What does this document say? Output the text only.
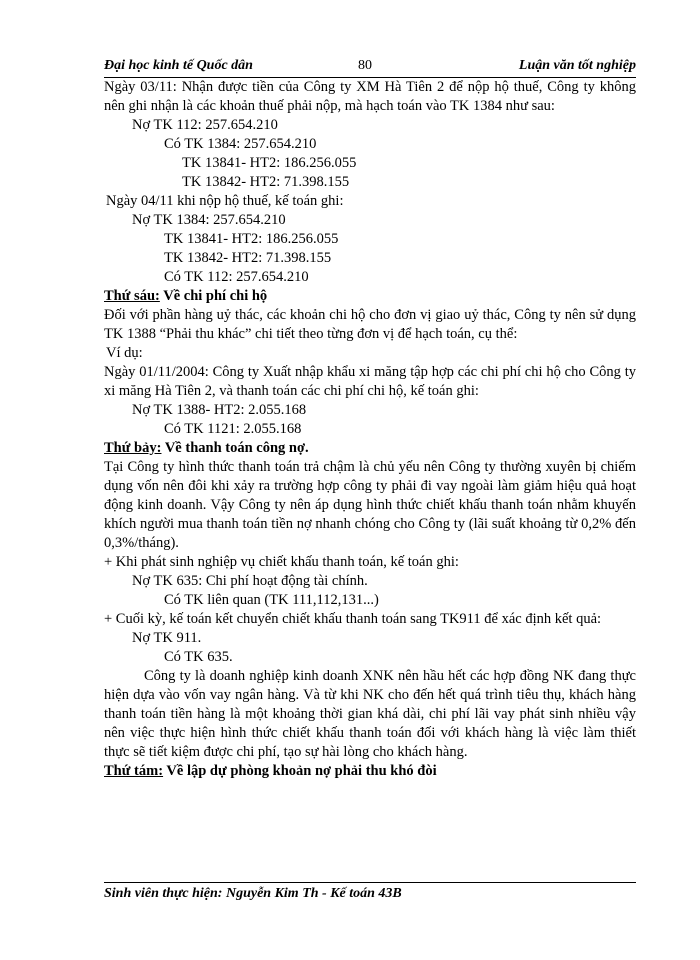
Đại học kinh tế Quốc dân	80	Luận văn tốt nghiệp

Ngày 03/11: Nhận được tiền của Công ty XM Hà Tiên 2 để nộp hộ thuế, Công ty không nên ghi nhận là các khoản thuế phải nộp, mà hạch toán vào TK 1384 như sau:

Nợ TK 112: 257.654.210

Có TK 1384: 257.654.210

TK 13841- HT2: 186.256.055

TK 13842- HT2: 71.398.155

Ngày 04/11 khi nộp hộ thuế, kế toán ghi:

Nợ TK 1384: 257.654.210

TK 13841- HT2: 186.256.055

TK 13842- HT2: 71.398.155

Có TK 112: 257.654.210

Thứ sáu: Về chi phí chi hộ

Đối với phần hàng uỷ thác, các khoản chi hộ cho đơn vị giao uỷ thác, Công ty nên sử dụng TK 1388 “Phải thu khác” chi tiết theo từng đơn vị để hạch toán, cụ thể:

Ví dụ:

Ngày 01/11/2004: Công ty Xuất nhập khẩu xi măng tập hợp các chi phí chi hộ cho Công ty xi măng Hà Tiên 2, và thanh toán các chi phí chi hộ, kế toán ghi:

Nợ TK 1388- HT2: 2.055.168

Có TK 1121: 2.055.168

Thứ bảy: Về thanh toán công nợ.

Tại Công ty hình thức thanh toán trả chậm là chủ yếu nên Công ty thường xuyên bị chiếm dụng vốn nên đôi khi xảy ra trường hợp công ty phải đi vay ngoài làm giảm hiệu quả hoạt động kinh doanh. Vậy Công ty nên áp dụng hình thức chiết khấu thanh toán nhằm khuyến khích người mua thanh toán tiền nợ nhanh chóng cho Công ty (lãi suất khoảng từ 0,2% đến 0,3%/tháng).

+ Khi phát sinh nghiệp vụ chiết khấu thanh toán, kế toán ghi:

Nợ TK 635: Chi phí hoạt động tài chính.

Có TK liên quan (TK 111,112,131...)

+ Cuối kỳ, kế toán kết chuyển chiết khấu thanh toán sang TK911 để xác định kết quả:

Nợ TK 911.

Có TK 635.

Công ty là doanh nghiệp kinh doanh XNK nên hầu hết các hợp đồng NK đang thực hiện dựa vào vốn vay ngân hàng. Và từ khi NK cho đến hết quá trình tiêu thụ, khách hàng thanh toán tiền hàng là một khoảng thời gian khá dài, chi phí lãi vay phát sinh nhiều vậy nên việc thực hiện hình thức chiết khấu thanh toán đối với khách hàng là việc làm thiết thực sẽ tiết kiệm được chi phí, tạo sự hài lòng cho khách hàng.

Thứ tám: Về lập dự phòng khoản nợ phải thu khó đòi

Sinh viên thực hiện: Nguyễn Kim Th - Kế toán 43B
